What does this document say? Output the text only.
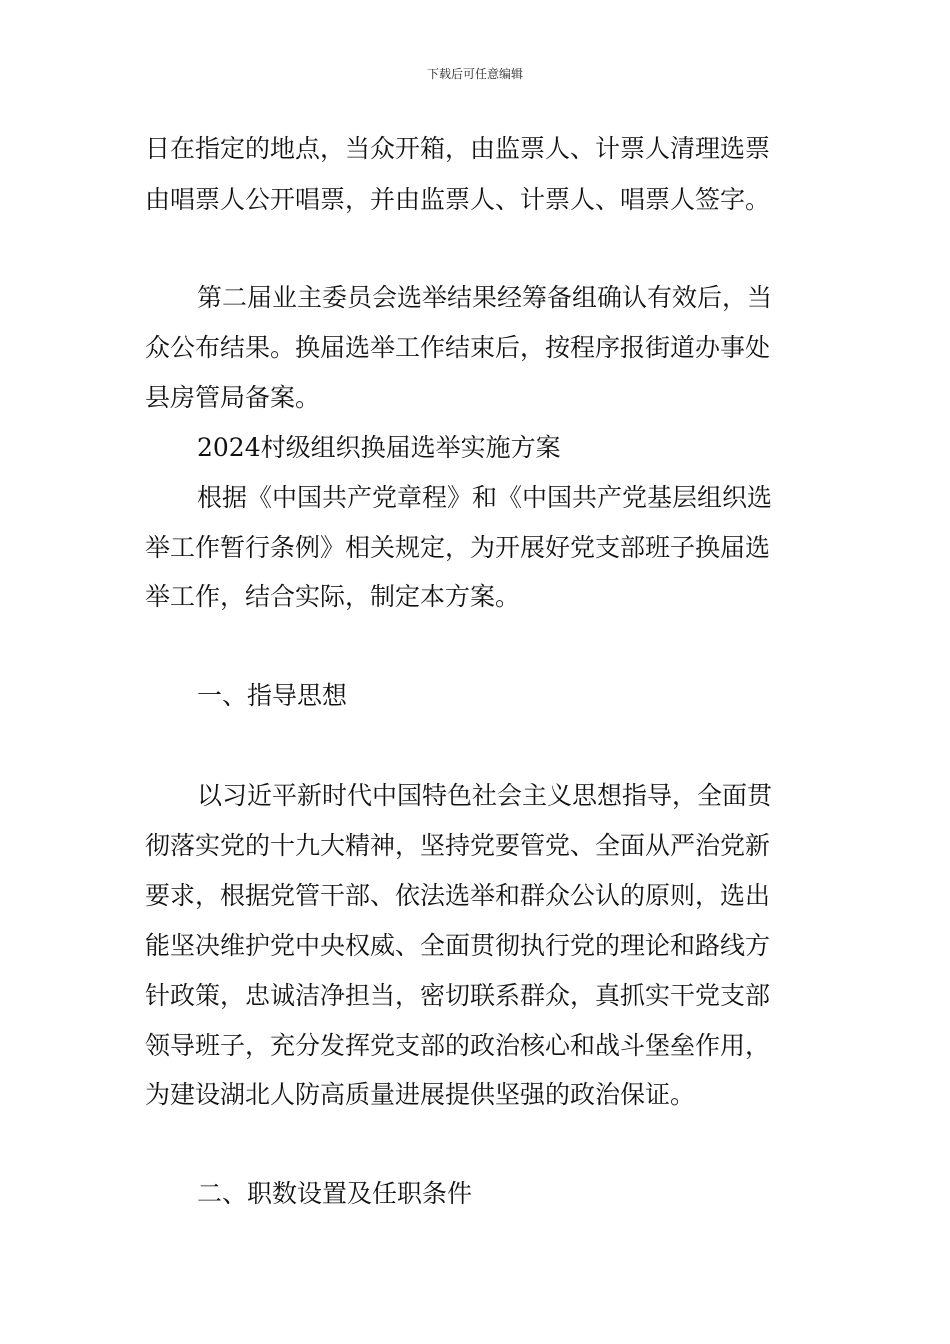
下载后可任意编辑
日在指定的地点，当众开箱，由监票人、计票人清理选票
由唱票人公开唱票，并由监票人、计票人、唱票人签字。
第二届业主委员会选举结果经筹备组确认有效后，当
众公布结果。换届选举工作结束后，按程序报街道办事处
县房管局备案。
2024村级组织换届选举实施方案
根据《中国共产党章程》和《中国共产党基层组织选
举工作暂行条例》相关规定，为开展好党支部班子换届选
举工作，结合实际，制定本方案。
一、指导思想
以习近平新时代中国特色社会主义思想指导，全面贯
彻落实党的十九大精神，坚持党要管党、全面从严治党新
要求，根据党管干部、依法选举和群众公认的原则，选出
能坚决维护党中央权威、全面贯彻执行党的理论和路线方
针政策，忠诚洁净担当，密切联系群众，真抓实干党支部
领导班子，充分发挥党支部的政治核心和战斗堡垒作用，
为建设湖北人防高质量进展提供坚强的政治保证。
二、职数设置及任职条件
